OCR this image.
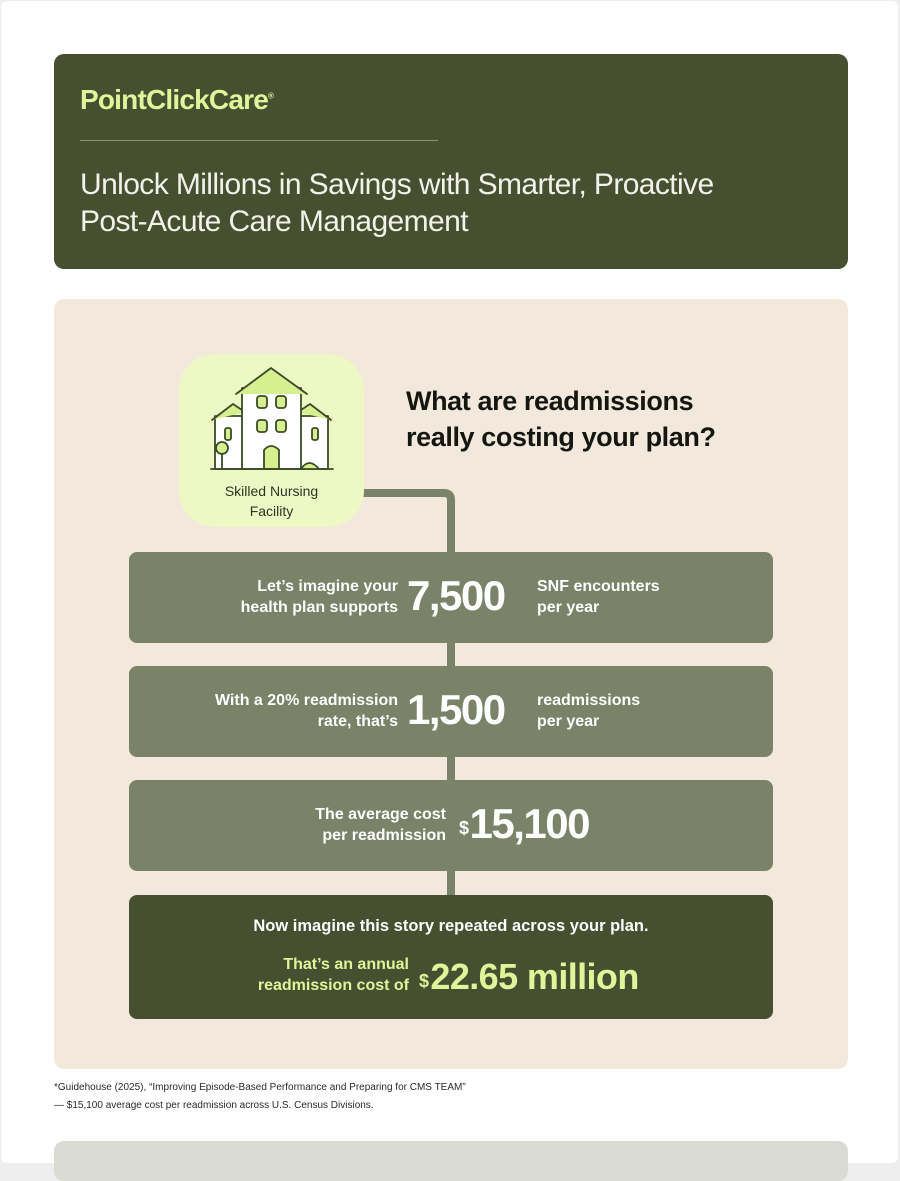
PointClickCare®
Unlock Millions in Savings with Smarter, Proactive Post-Acute Care Management
Skilled Nursing
Facility
What are readmissions really costing your plan?
Let’s imagine your
health plan supports 7,500 SNF encounters
per year
With a 20% readmission
rate, that’s 1,500 readmissions
per year
The average cost
per readmission $15,100
Now imagine this story repeated across your plan.
That’s an annual
readmission cost of $22.65 million
*Guidehouse (2025), “Improving Episode-Based Performance and Preparing for CMS TEAM”
— $15,100 average cost per readmission across U.S. Census Divisions.
